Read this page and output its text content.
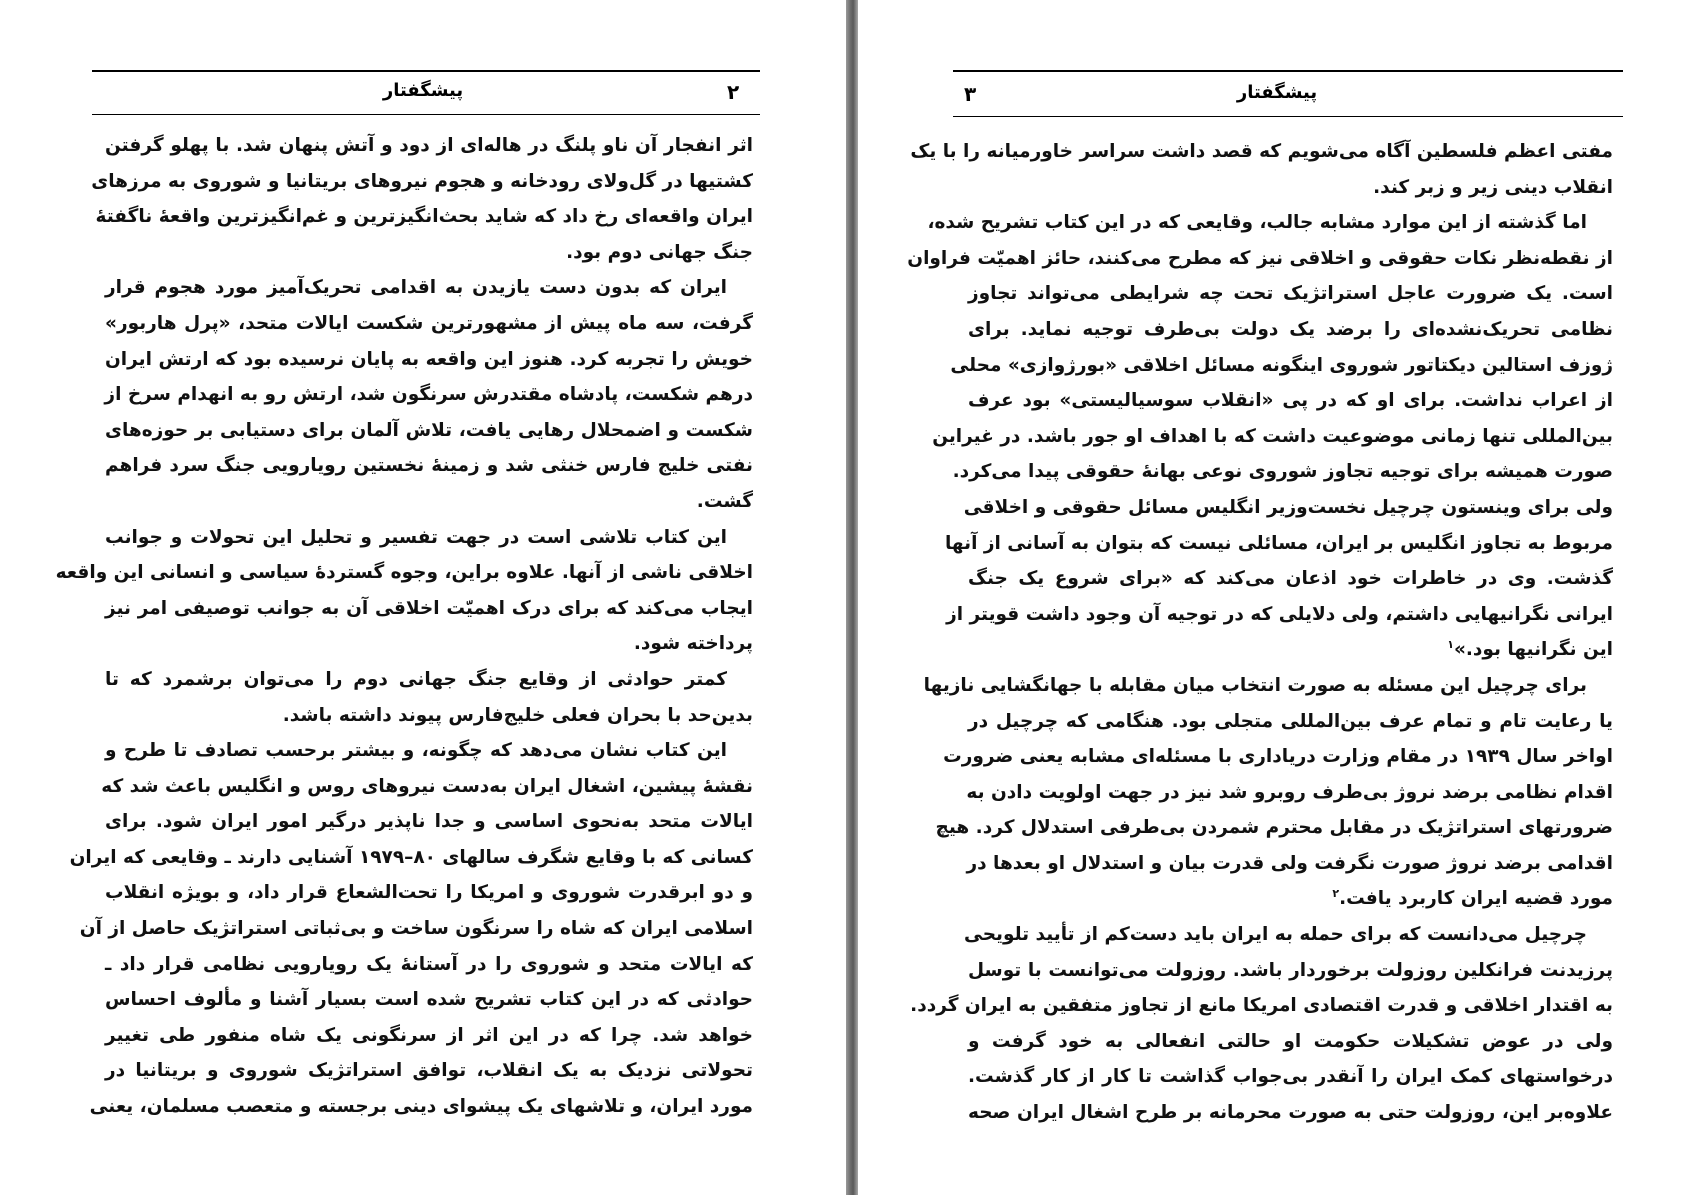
پیشگفتار	۲
اثر انفجار آن ناو پلنگ در هاله‌ای از دود و آتش پنهان شد. با پهلو گرفتن
کشتیها در گل‌ولای رودخانه و هجوم نیروهای بریتانیا و شوروی به مرزهای
ایران واقعه‌ای رخ داد که شاید بحث‌انگیزترین و غم‌انگیزترین واقعهٔ ناگفتهٔ
جنگ جهانی دوم بود.
ایران که بدون دست یازیدن به اقدامی تحریک‌آمیز مورد هجوم قرار
گرفت، سه ماه پیش از مشهورترین شکست ایالات متحد، «پرل هاربور»
خویش را تجربه کرد. هنوز این واقعه به پایان نرسیده بود که ارتش ایران
درهم شکست، پادشاه مقتدرش سرنگون شد، ارتش رو به انهدام سرخ از
شکست و اضمحلال رهایی یافت، تلاش آلمان برای دستیابی بر حوزه‌های
نفتی خلیج فارس خنثی شد و زمینهٔ نخستین رویارویی جنگ سرد فراهم
گشت.
این کتاب تلاشی است در جهت تفسیر و تحلیل این تحولات و جوانب
اخلاقی ناشی از آنها. علاوه براین، وجوه گستردهٔ سیاسی و انسانی این واقعه
ایجاب می‌کند که برای درک اهمیّت اخلاقی آن به جوانب توصیفی امر نیز
پرداخته شود.
کمتر حوادثی از وقایع جنگ جهانی دوم را می‌توان برشمرد که تا
بدین‌حد با بحران فعلی خلیج‌فارس پیوند داشته باشد.
این کتاب نشان می‌دهد که چگونه، و بیشتر برحسب تصادف تا طرح و
نقشهٔ پیشین، اشغال ایران به‌دست نیروهای روس و انگلیس باعث شد که
ایالات متحد به‌نحوی اساسی و جدا ناپذیر درگیر امور ایران شود. برای
کسانی که با وقایع شگرف سالهای ۸۰–۱۹۷۹ آشنایی دارند ـ وقایعی که ایران
و دو ابرقدرت شوروی و امریکا را تحت‌الشعاع قرار داد، و بویژه انقلاب
اسلامی ایران که شاه را سرنگون ساخت و بی‌ثباتی استراتژیک حاصل از آن
که ایالات متحد و شوروی را در آستانهٔ یک رویارویی نظامی قرار داد ـ
حوادثی که در این کتاب تشریح شده است بسیار آشنا و مألوف احساس
خواهد شد. چرا که در این اثر از سرنگونی یک شاه منفور طی تغییر
تحولاتی نزدیک به یک انقلاب، توافق استراتژیک شوروی و بریتانیا در
مورد ایران، و تلاشهای یک پیشوای دینی برجسته و متعصب مسلمان، یعنی
۳	پیشگفتار
مفتی اعظم فلسطین آگاه می‌شویم که قصد داشت سراسر خاورمیانه را با یک
انقلاب دینی زیر و زبر کند.
اما گذشته از این موارد مشابه جالب، وقایعی که در این کتاب تشریح شده،
از نقطه‌نظر نکات حقوقی و اخلاقی نیز که مطرح می‌کنند، حائز اهمیّت فراوان
است. یک ضرورت عاجل استراتژیک تحت چه شرایطی می‌تواند تجاوز
نظامی تحریک‌نشده‌ای را برضد یک دولت بی‌طرف توجیه نماید. برای
ژوزف استالین دیکتاتور شوروی اینگونه مسائل اخلاقی «بورژوازی» محلی
از اعراب نداشت. برای او که در پی «انقلاب سوسیالیستی» بود عرف
بین‌المللی تنها زمانی موضوعیت داشت که با اهداف او جور باشد. در غیراین
صورت همیشه برای توجیه تجاوز شوروی نوعی بهانهٔ حقوقی پیدا می‌کرد.
ولی برای وینستون چرچیل نخست‌وزیر انگلیس مسائل حقوقی و اخلاقی
مربوط به تجاوز انگلیس بر ایران، مسائلی نیست که بتوان به آسانی از آنها
گذشت. وی در خاطرات خود اذعان می‌کند که «برای شروع یک جنگ
ایرانی نگرانیهایی داشتم، ولی دلایلی که در توجیه آن وجود داشت قویتر از
این نگرانیها بود.»$^۱$
برای چرچیل این مسئله به صورت انتخاب میان مقابله با جهانگشایی نازیها
یا رعایت تام و تمام عرف بین‌المللی متجلی بود. هنگامی که چرچیل در
اواخر سال ۱۹۳۹ در مقام وزارت دریاداری با مسئله‌ای مشابه یعنی ضرورت
اقدام نظامی برضد نروژ بی‌طرف روبرو شد نیز در جهت اولویت دادن به
ضرورتهای استراتژیک در مقابل محترم شمردن بی‌طرفی استدلال کرد. هیچ
اقدامی برضد نروژ صورت نگرفت ولی قدرت بیان و استدلال او بعدها در
مورد قضیه ایران کاربرد یافت.$^۲$
چرچیل می‌دانست که برای حمله به ایران باید دست‌کم از تأیید تلویحی
پرزیدنت فرانکلین روزولت برخوردار باشد. روزولت می‌توانست با توسل
به اقتدار اخلاقی و قدرت اقتصادی امریکا مانع از تجاوز متفقین به ایران گردد.
ولی در عوض تشکیلات حکومت او حالتی انفعالی به خود گرفت و
درخواستهای کمک ایران را آنقدر بی‌جواب گذاشت تا کار از کار گذشت.
علاوه‌بر این، روزولت حتی به صورت محرمانه بر طرح اشغال ایران صحه
